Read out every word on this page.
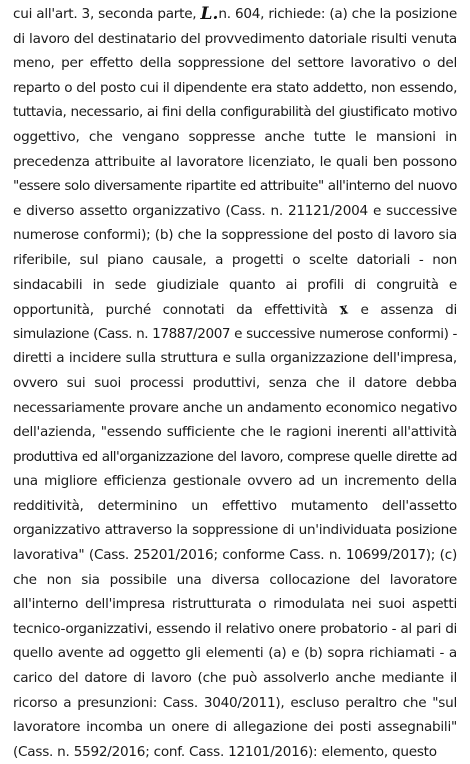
cui all'art. 3, seconda parte, L.n. 604, richiede: (a) che la posizione
di lavoro del destinatario del provvedimento datoriale risulti venuta
meno, per effetto della soppressione del settore lavorativo o del
reparto o del posto cui il dipendente era stato addetto, non essendo,
tuttavia, necessario, ai fini della configurabilità del giustificato motivo
oggettivo, che vengano soppresse anche tutte le mansioni in
precedenza attribuite al lavoratore licenziato, le quali ben possono
"essere solo diversamente ripartite ed attribuite" all'interno del nuovo
e diverso assetto organizzativo (Cass. n. 21121/2004 e successive
numerose conformi); (b) che la soppressione del posto di lavoro sia
riferibile, sul piano causale, a progetti o scelte datoriali - non
sindacabili in sede giudiziale quanto ai profili di congruità e
opportunità, purché connotati da effettività x e assenza di
simulazione (Cass. n. 17887/2007 e successive numerose conformi) -
diretti a incidere sulla struttura e sulla organizzazione dell'impresa,
ovvero sui suoi processi produttivi, senza che il datore debba
necessariamente provare anche un andamento economico negativo
dell'azienda, "essendo sufficiente che le ragioni inerenti all'attività
produttiva ed all'organizzazione del lavoro, comprese quelle dirette ad
una migliore efficienza gestionale ovvero ad un incremento della
redditività, determinino un effettivo mutamento dell'assetto
organizzativo attraverso la soppressione di un'individuata posizione
lavorativa" (Cass. 25201/2016; conforme Cass. n. 10699/2017); (c)
che non sia possibile una diversa collocazione del lavoratore
all'interno dell'impresa ristrutturata o rimodulata nei suoi aspetti
tecnico-organizzativi, essendo il relativo onere probatorio - al pari di
quello avente ad oggetto gli elementi (a) e (b) sopra richiamati - a
carico del datore di lavoro (che può assolverlo anche mediante il
ricorso a presunzioni: Cass. 3040/2011), escluso peraltro che "sul
lavoratore incomba un onere di allegazione dei posti assegnabili"
(Cass. n. 5592/2016; conf. Cass. 12101/2016): elemento, questo
